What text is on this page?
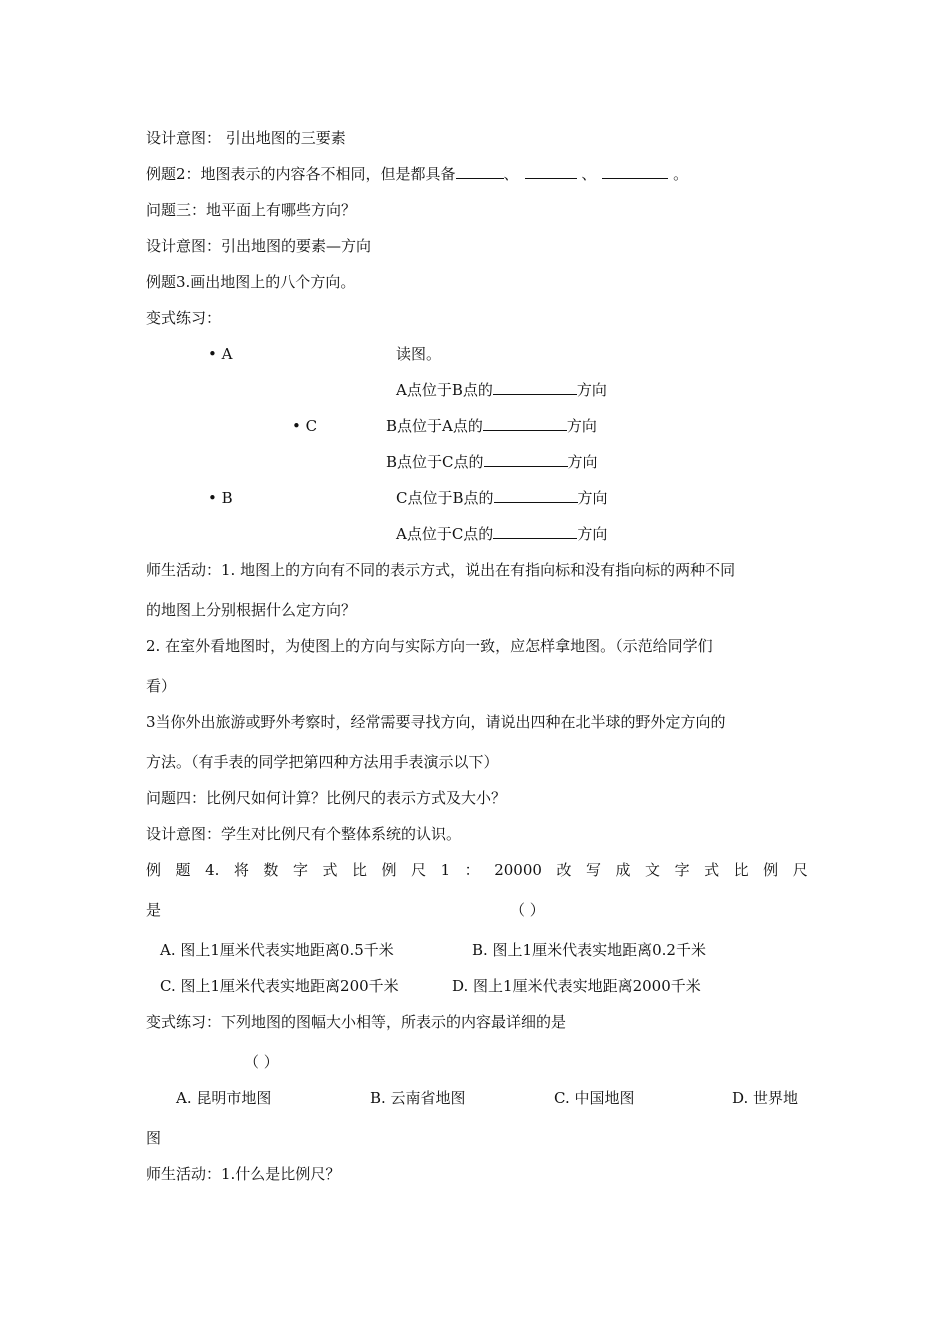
设计意图： 引出地图的三要素
例题2：地图表示的内容各不相同，但是都具备	、	、	。
问题三：地平面上有哪些方向？
设计意图：引出地图的要素—方向
例题3.画出地图上的八个方向。
变式练习：
• A
• C
• B
读图。
A点位于B点的	方向
B点位于A点的	方向
B点位于C点的	方向
C点位于B点的	方向
A点位于C点的	方向
师生活动：1. 地图上的方向有不同的表示方式，说出在有指向标和没有指向标的两种不同
的地图上分别根据什么定方向？
2. 在室外看地图时，为使图上的方向与实际方向一致，应怎样拿地图。（示范给同学们
看）
3当你外出旅游或野外考察时，经常需要寻找方向，请说出四种在北半球的野外定方向的
方法。（有手表的同学把第四种方法用手表演示以下）
问题四：比例尺如何计算？比例尺的表示方式及大小？
设计意图：学生对比例尺有个整体系统的认识。
例 题 4. 将 数 字 式 比 例 尺 1 ： 20000 改 写 成 文 字 式 比 例 尺
是	（ ）
A. 图上1厘米代表实地距离0.5千米	B. 图上1厘米代表实地距离0.2千米
C. 图上1厘米代表实地距离200千米	D. 图上1厘米代表实地距离2000千米
变式练习：下列地图的图幅大小相等，所表示的内容最详细的是
（ ）
A. 昆明市地图	B. 云南省地图	C. 中国地图	D. 世界地
图
师生活动：1.什么是比例尺？
